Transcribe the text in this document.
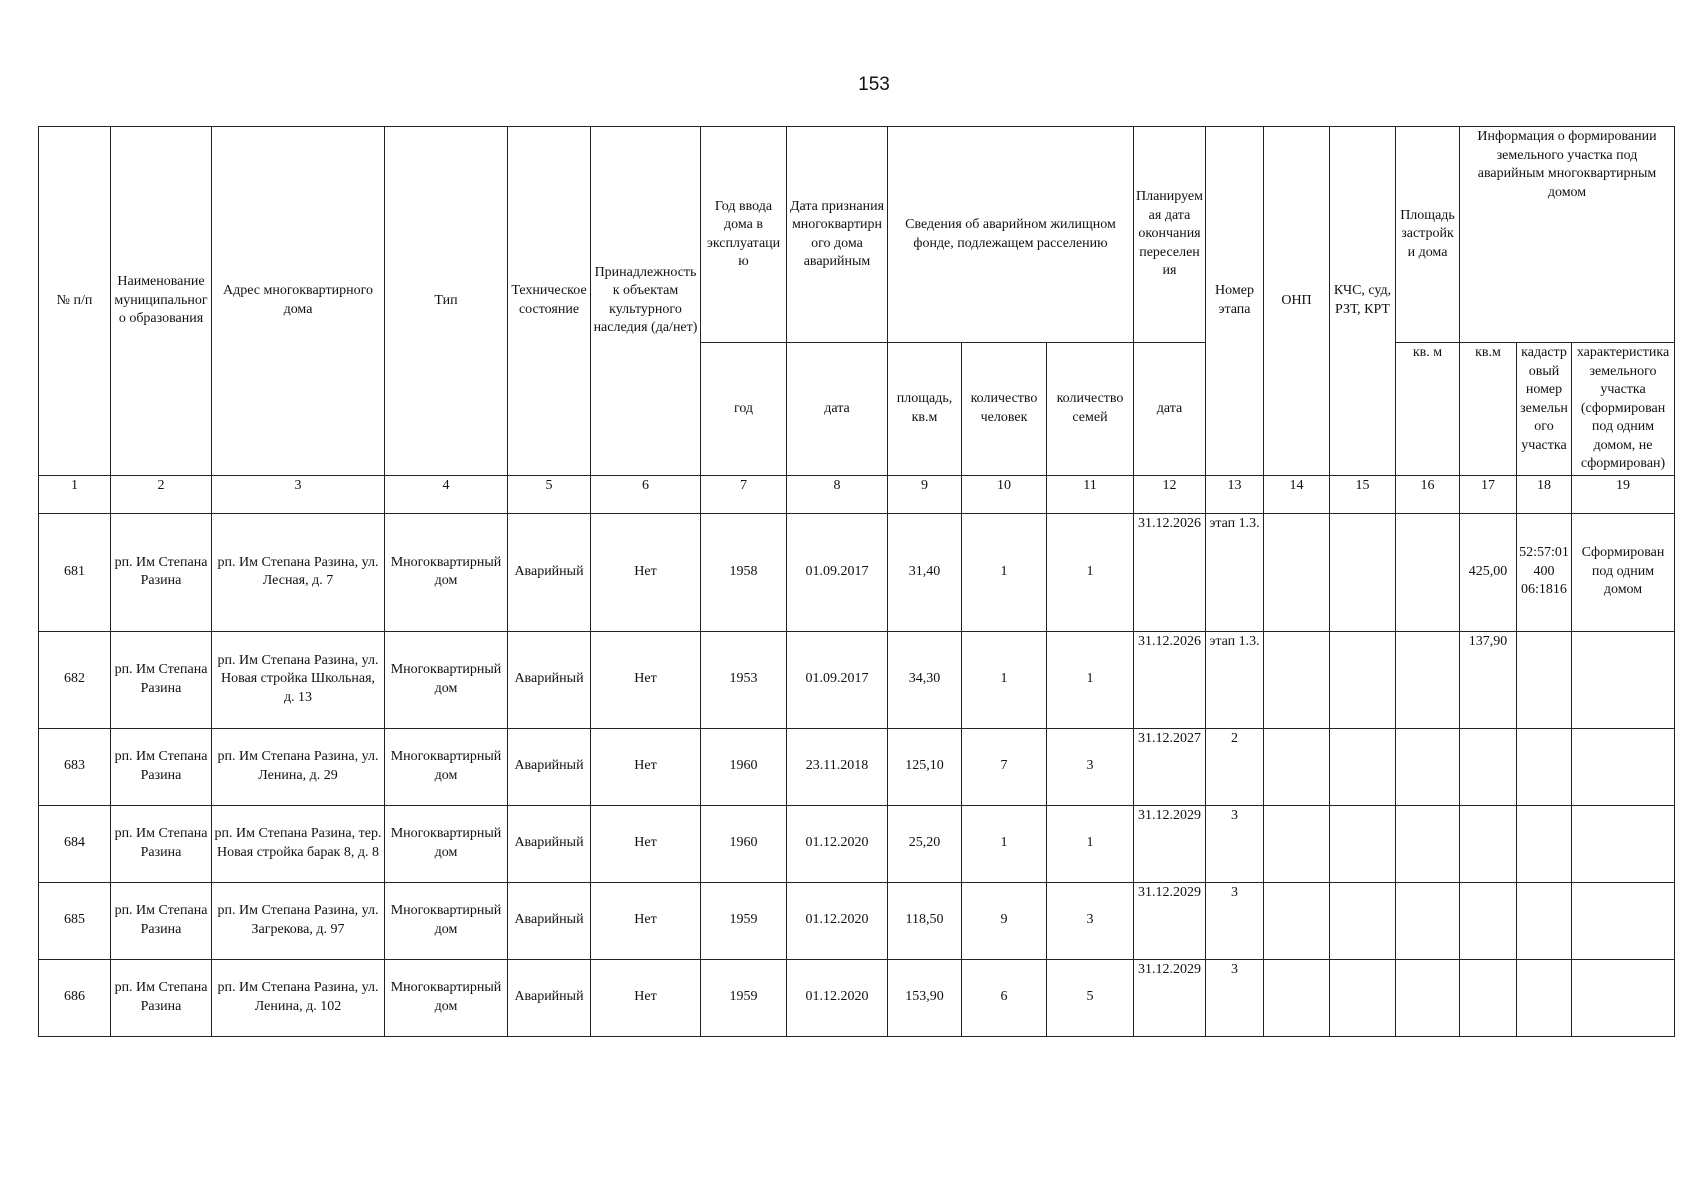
153
№ п/п	Наименование муниципального образования	Адрес многоквартирного дома	Тип	Техническое состояние	Принадлежность к объектам культурного наследия (да/нет)	Год ввода дома в эксплуатацию	Дата признания многоквартирного дома аварийным	Сведения об аварийном жилищном фонде, подлежащем расселению			Планируемая дата окончания переселения	Номер этапа	ОНП	КЧС, суд, РЗТ, КРТ	Площадь застройки дома	Информация о формировании земельного участка под аварийным многоквартирным домом		
						год	дата	площадь, кв.м	количество человек	количество семей	дата				кв. м	кв.м	кадастровый номер земельного участка	характеристика земельного участка (сформирован под одним домом, не сформирован)
1	2	3	4	5	6	7	8	9	10	11	12	13	14	15	16	17	18	19
681	рп. Им Степана Разина	рп. Им Степана Разина, ул. Лесная, д. 7	Многоквартирный дом	Аварийный	Нет	1958	01.09.2017	31,40	1	1	31.12.2026	этап 1.3.				425,00	52:57:01400 06:1816	Сформирован под одним домом
682	рп. Им Степана Разина	рп. Им Степана Разина, ул. Новая стройка Школьная, д. 13	Многоквартирный дом	Аварийный	Нет	1953	01.09.2017	34,30	1	1	31.12.2026	этап 1.3.				137,90		
683	рп. Им Степана Разина	рп. Им Степана Разина, ул. Ленина, д. 29	Многоквартирный дом	Аварийный	Нет	1960	23.11.2018	125,10	7	3	31.12.2027	2						
684	рп. Им Степана Разина	рп. Им Степана Разина, тер. Новая стройка барак 8, д. 8	Многоквартирный дом	Аварийный	Нет	1960	01.12.2020	25,20	1	1	31.12.2029	3						
685	рп. Им Степана Разина	рп. Им Степана Разина, ул. Загрекова, д. 97	Многоквартирный дом	Аварийный	Нет	1959	01.12.2020	118,50	9	3	31.12.2029	3						
686	рп. Им Степана Разина	рп. Им Степана Разина, ул. Ленина, д. 102	Многоквартирный дом	Аварийный	Нет	1959	01.12.2020	153,90	6	5	31.12.2029	3						
